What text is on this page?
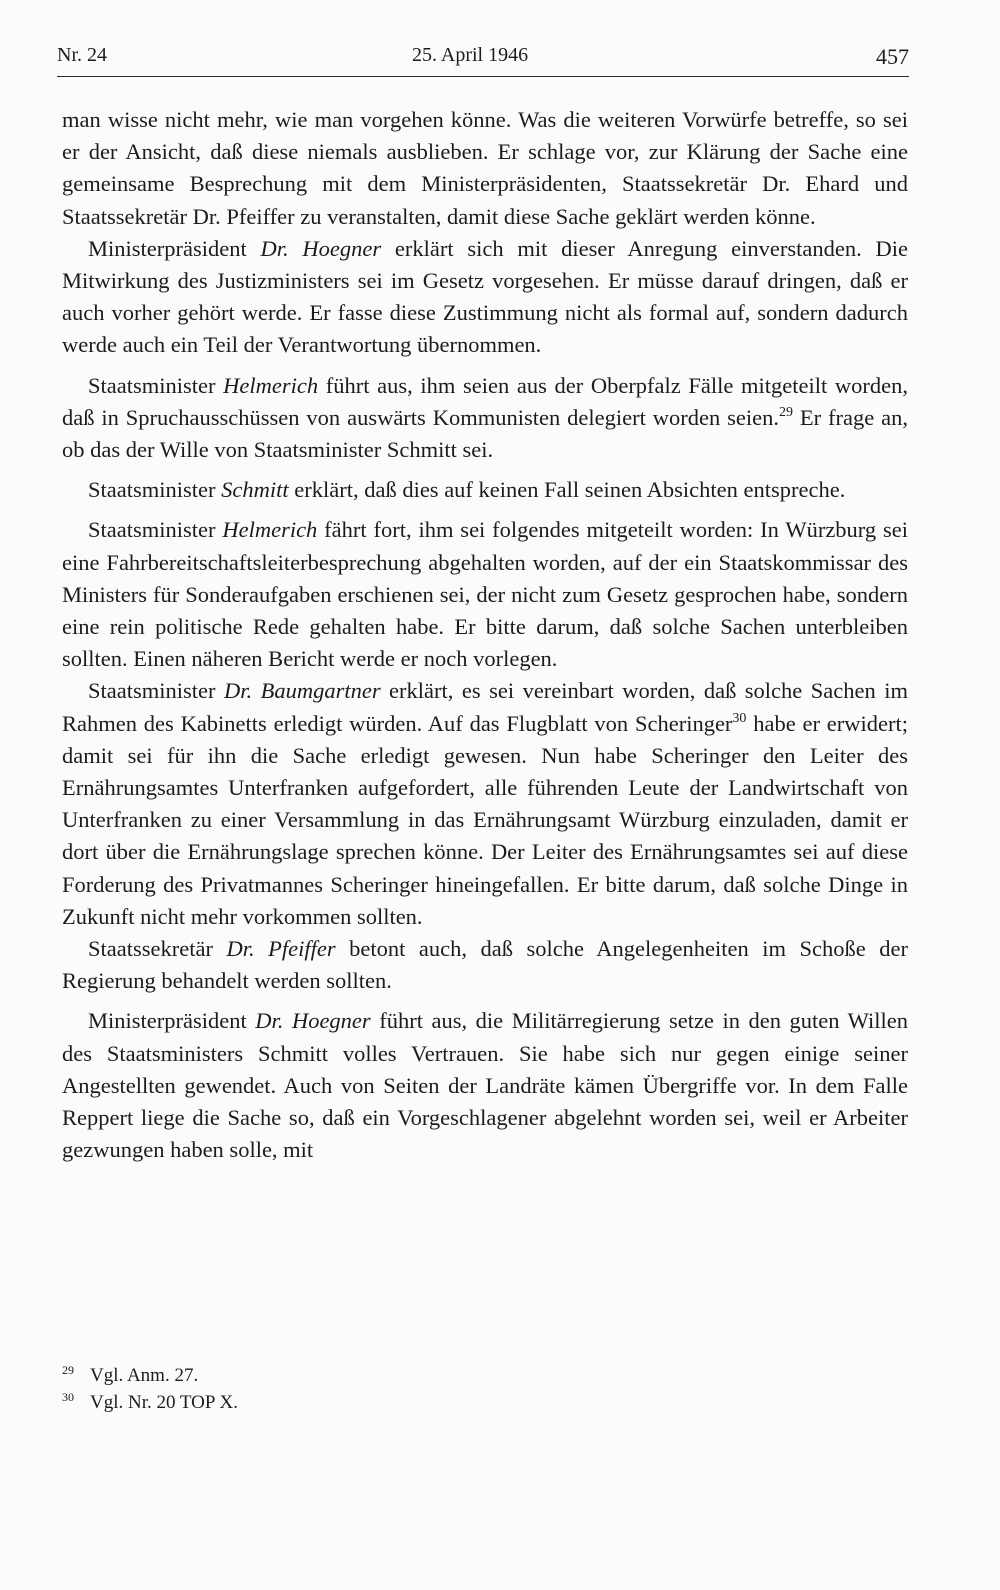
Nr. 24	25. April 1946	457

man wisse nicht mehr, wie man vorgehen könne. Was die weiteren Vorwürfe betreffe, so sei er der Ansicht, daß diese niemals ausblieben. Er schlage vor, zur Klärung der Sache eine gemeinsame Besprechung mit dem Ministerpräsidenten, Staatssekretär Dr. Ehard und Staatssekretär Dr. Pfeiffer zu veranstalten, damit diese Sache geklärt werden könne.

Ministerpräsident Dr. Hoegner erklärt sich mit dieser Anregung einverstanden. Die Mitwirkung des Justizministers sei im Gesetz vorgesehen. Er müsse darauf dringen, daß er auch vorher gehört werde. Er fasse diese Zustimmung nicht als formal auf, sondern dadurch werde auch ein Teil der Verantwortung übernommen.

Staatsminister Helmerich führt aus, ihm seien aus der Oberpfalz Fälle mitgeteilt worden, daß in Spruchausschüssen von auswärts Kommunisten delegiert worden seien.$^{29}$ Er frage an, ob das der Wille von Staatsminister Schmitt sei.

Staatsminister Schmitt erklärt, daß dies auf keinen Fall seinen Absichten entspreche.

Staatsminister Helmerich fährt fort, ihm sei folgendes mitgeteilt worden: In Würzburg sei eine Fahrbereitschaftsleiterbesprechung abgehalten worden, auf der ein Staatskommissar des Ministers für Sonderaufgaben erschienen sei, der nicht zum Gesetz gesprochen habe, sondern eine rein politische Rede gehalten habe. Er bitte darum, daß solche Sachen unterbleiben sollten. Einen näheren Bericht werde er noch vorlegen.

Staatsminister Dr. Baumgartner erklärt, es sei vereinbart worden, daß solche Sachen im Rahmen des Kabinetts erledigt würden. Auf das Flugblatt von Scheringer$^{30}$ habe er erwidert; damit sei für ihn die Sache erledigt gewesen. Nun habe Scheringer den Leiter des Ernährungsamtes Unterfranken aufgefordert, alle führenden Leute der Landwirtschaft von Unterfranken zu einer Versammlung in das Ernährungsamt Würzburg einzuladen, damit er dort über die Ernährungslage sprechen könne. Der Leiter des Ernährungsamtes sei auf diese Forderung des Privatmannes Scheringer hineingefallen. Er bitte darum, daß solche Dinge in Zukunft nicht mehr vorkommen sollten.

Staatssekretär Dr. Pfeiffer betont auch, daß solche Angelegenheiten im Schoße der Regierung behandelt werden sollten.

Ministerpräsident Dr. Hoegner führt aus, die Militärregierung setze in den guten Willen des Staatsministers Schmitt volles Vertrauen. Sie habe sich nur gegen einige seiner Angestellten gewendet. Auch von Seiten der Landräte kämen Übergriffe vor. In dem Falle Reppert liege die Sache so, daß ein Vorgeschlagener abgelehnt worden sei, weil er Arbeiter gezwungen haben solle, mit

$^{29}$ Vgl. Anm. 27.
$^{30}$ Vgl. Nr. 20 TOP X.
